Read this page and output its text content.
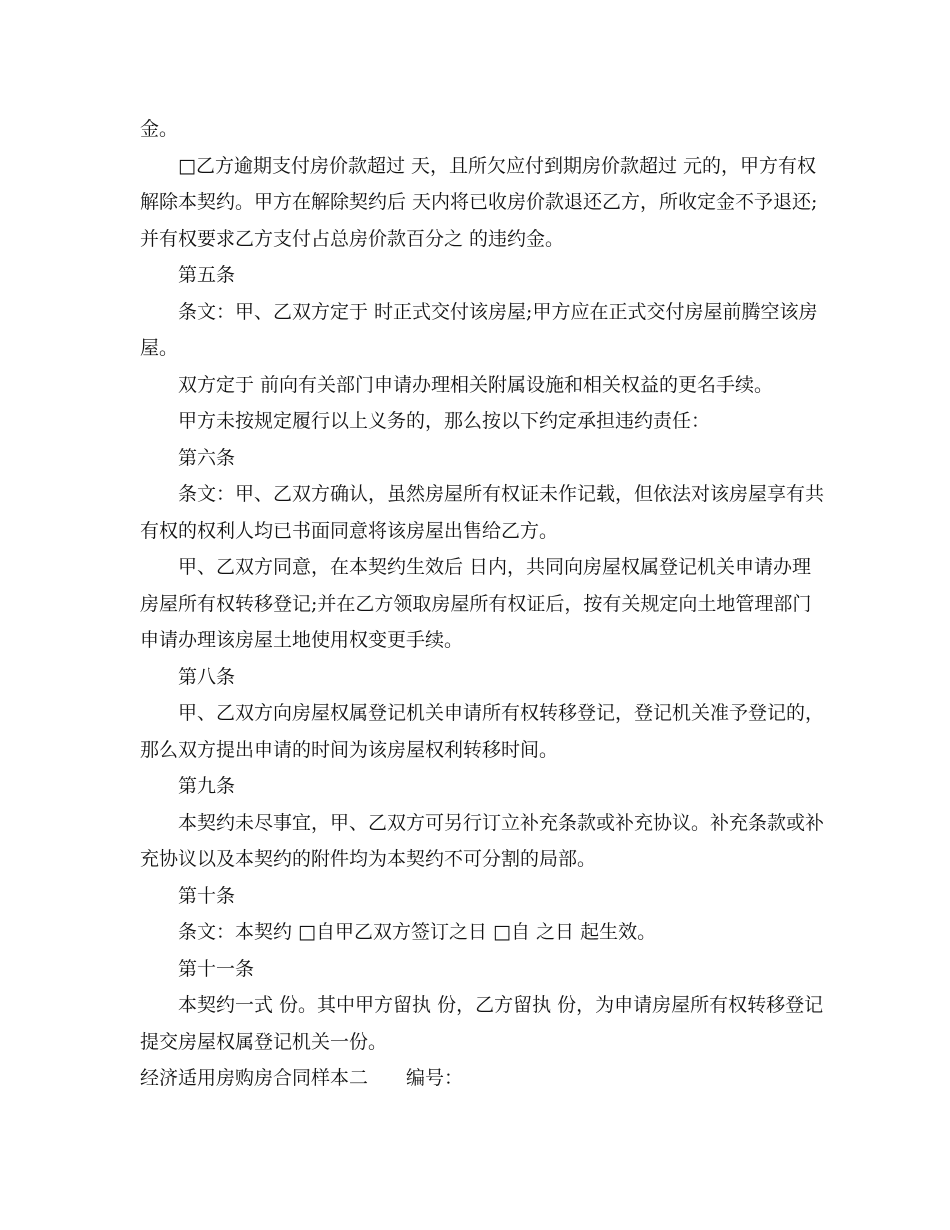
金。
□乙方逾期支付房价款超过 天，且所欠应付到期房价款超过 元的，甲方有权
解除本契约。甲方在解除契约后 天内将已收房价款退还乙方，所收定金不予退还;
并有权要求乙方支付占总房价款百分之 的违约金。
第五条
条文：甲、乙双方定于 时正式交付该房屋;甲方应在正式交付房屋前腾空该房
屋。
双方定于 前向有关部门申请办理相关附属设施和相关权益的更名手续。
甲方未按规定履行以上义务的，那么按以下约定承担违约责任：
第六条
条文：甲、乙双方确认，虽然房屋所有权证未作记载，但依法对该房屋享有共
有权的权利人均已书面同意将该房屋出售给乙方。
甲、乙双方同意，在本契约生效后 日内，共同向房屋权属登记机关申请办理
房屋所有权转移登记;并在乙方领取房屋所有权证后，按有关规定向土地管理部门
申请办理该房屋土地使用权变更手续。
第八条
甲、乙双方向房屋权属登记机关申请所有权转移登记，登记机关准予登记的，
那么双方提出申请的时间为该房屋权利转移时间。
第九条
本契约未尽事宜，甲、乙双方可另行订立补充条款或补充协议。补充条款或补
充协议以及本契约的附件均为本契约不可分割的局部。
第十条
条文：本契约 □自甲乙双方签订之日 □自 之日 起生效。
第十一条
本契约一式 份。其中甲方留执 份，乙方留执 份，为申请房屋所有权转移登记
提交房屋权属登记机关一份。
经济适用房购房合同样本二　　编号：
